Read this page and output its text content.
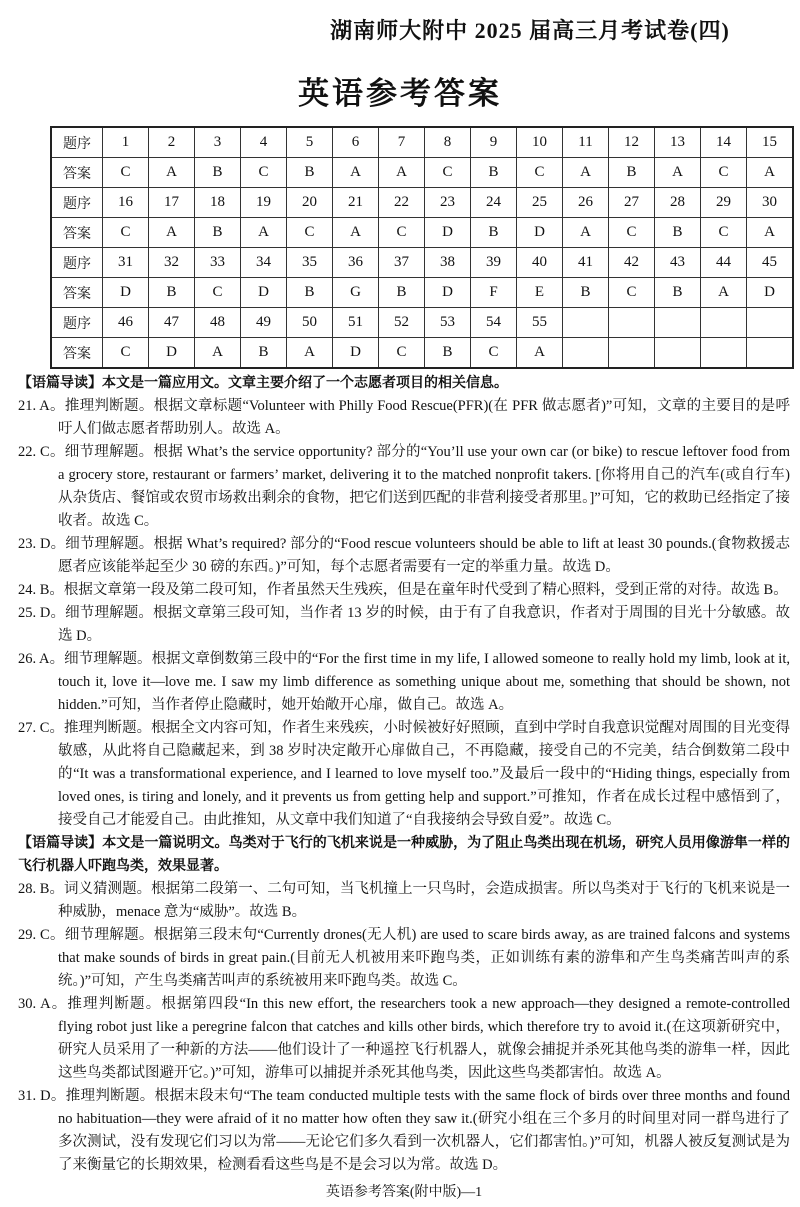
湖南师大附中 2025 届高三月考试卷(四)
英语参考答案
题序	1	2	3	4	5	6	7	8	9	10	11	12	13	14	15
答案	C	A	B	C	B	A	A	C	B	C	A	B	A	C	A
题序	16	17	18	19	20	21	22	23	24	25	26	27	28	29	30
答案	C	A	B	A	C	A	C	D	B	D	A	C	B	C	A
题序	31	32	33	34	35	36	37	38	39	40	41	42	43	44	45
答案	D	B	C	D	B	G	B	D	F	E	B	C	B	A	D
题序	46	47	48	49	50	51	52	53	54	55					
答案	C	D	A	B	A	D	C	B	C	A					

【语篇导读】本文是一篇应用文。文章主要介绍了一个志愿者项目的相关信息。

21. A。推理判断题。根据文章标题“Volunteer with Philly Food Rescue(PFR)(在 PFR 做志愿者)”可知，文章的主要目的是呼吁人们做志愿者帮助别人。故选 A。

22. C。细节理解题。根据 What’s the service opportunity? 部分的“You’ll use your own car (or bike) to rescue leftover food from a grocery store, restaurant or farmers’ market, delivering it to the matched nonprofit takers. [你将用自己的汽车(或自行车)从杂货店、餐馆或农贸市场救出剩余的食物，把它们送到匹配的非营利接受者那里。]”可知，它的救助已经指定了接收者。故选 C。

23. D。细节理解题。根据 What’s required? 部分的“Food rescue volunteers should be able to lift at least 30 pounds.(食物救援志愿者应该能举起至少 30 磅的东西。)”可知，每个志愿者需要有一定的举重力量。故选 D。

24. B。根据文章第一段及第二段可知，作者虽然天生残疾，但是在童年时代受到了精心照料，受到正常的对待。故选 B。

25. D。细节理解题。根据文章第三段可知，当作者 13 岁的时候，由于有了自我意识，作者对于周围的目光十分敏感。故选 D。

26. A。细节理解题。根据文章倒数第三段中的“For the first time in my life, I allowed someone to really hold my limb, look at it, touch it, love it—love me. I saw my limb difference as something unique about me, something that should be shown, not hidden.”可知，当作者停止隐藏时，她开始敞开心扉，做自己。故选 A。

27. C。推理判断题。根据全文内容可知，作者生来残疾，小时候被好好照顾，直到中学时自我意识觉醒对周围的目光变得敏感，从此将自己隐藏起来，到 38 岁时决定敞开心扉做自己，不再隐藏，接受自己的不完美，结合倒数第二段中的“It was a transformational experience, and I learned to love myself too.”及最后一段中的“Hiding things, especially from loved ones, is tiring and lonely, and it prevents us from getting help and support.”可推知，作者在成长过程中感悟到了，接受自己才能爱自己。由此推知，从文章中我们知道了“自我接纳会导致自爱”。故选 C。

【语篇导读】本文是一篇说明文。鸟类对于飞行的飞机来说是一种威胁，为了阻止鸟类出现在机场，研究人员用像游隼一样的飞行机器人吓跑鸟类，效果显著。

28. B。词义猜测题。根据第二段第一、二句可知，当飞机撞上一只鸟时，会造成损害。所以鸟类对于飞行的飞机来说是一种威胁，menace 意为“威胁”。故选 B。

29. C。细节理解题。根据第三段末句“Currently drones(无人机) are used to scare birds away, as are trained falcons and systems that make sounds of birds in great pain.(目前无人机被用来吓跑鸟类，正如训练有素的游隼和产生鸟类痛苦叫声的系统。)”可知，产生鸟类痛苦叫声的系统被用来吓跑鸟类。故选 C。

30. A。推理判断题。根据第四段“In this new effort, the researchers took a new approach—they designed a remote-controlled flying robot just like a peregrine falcon that catches and kills other birds, which therefore try to avoid it.(在这项新研究中，研究人员采用了一种新的方法——他们设计了一种遥控飞行机器人，就像会捕捉并杀死其他鸟类的游隼一样，因此这些鸟类都试图避开它。)”可知，游隼可以捕捉并杀死其他鸟类，因此这些鸟类都害怕。故选 A。

31. D。推理判断题。根据末段末句“The team conducted multiple tests with the same flock of birds over three months and found no habituation—they were afraid of it no matter how often they saw it.(研究小组在三个多月的时间里对同一群鸟进行了多次测试，没有发现它们习以为常——无论它们多久看到一次机器人，它们都害怕。)”可知，机器人被反复测试是为了来衡量它的长期效果，检测看看这些鸟是不是会习以为常。故选 D。

英语参考答案(附中版)—1
